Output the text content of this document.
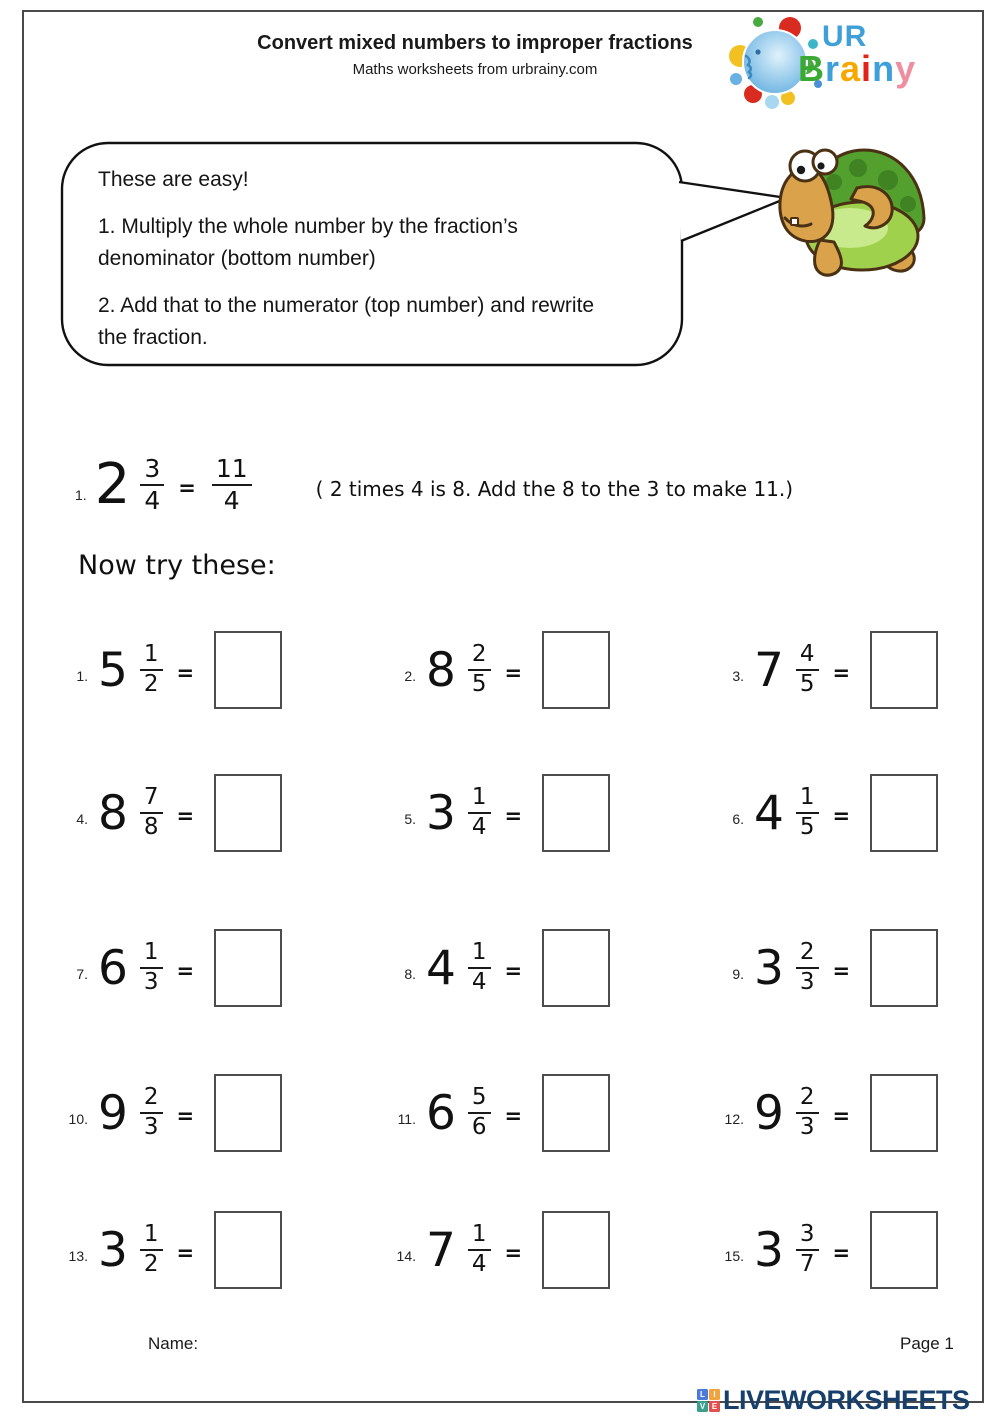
Convert mixed numbers to improper fractions
Maths worksheets from urbrainy.com
UR
Brainy

These are easy!

1. Multiply the whole number by the fraction’s denominator (bottom number)

2. Add that to the numerator (top number) and rewrite the fraction.

1. $2 \frac{3}{4} = \frac{11}{4}$	( 2 times 4 is 8. Add the 8 to the 3 to make 11.)
Now try these:
1. $5 \frac{1}{2}$ =	2. $8 \frac{2}{5}$ =	3. $7 \frac{4}{5}$ =
4. $8 \frac{7}{8}$ =	5. $3 \frac{1}{4}$ =	6. $4 \frac{1}{5}$ =
7. $6 \frac{1}{3}$ =	8. $4 \frac{1}{4}$ =	9. $3 \frac{2}{3}$ =
10. $9 \frac{2}{3}$ =	11. $6 \frac{5}{6}$ =	12. $9 \frac{2}{3}$ =
13. $3 \frac{1}{2}$ =	14. $7 \frac{1}{4}$ =	15. $3 \frac{3}{7}$ =
Name:	Page 1
L	I
V E LIVEWORKSHEETS
